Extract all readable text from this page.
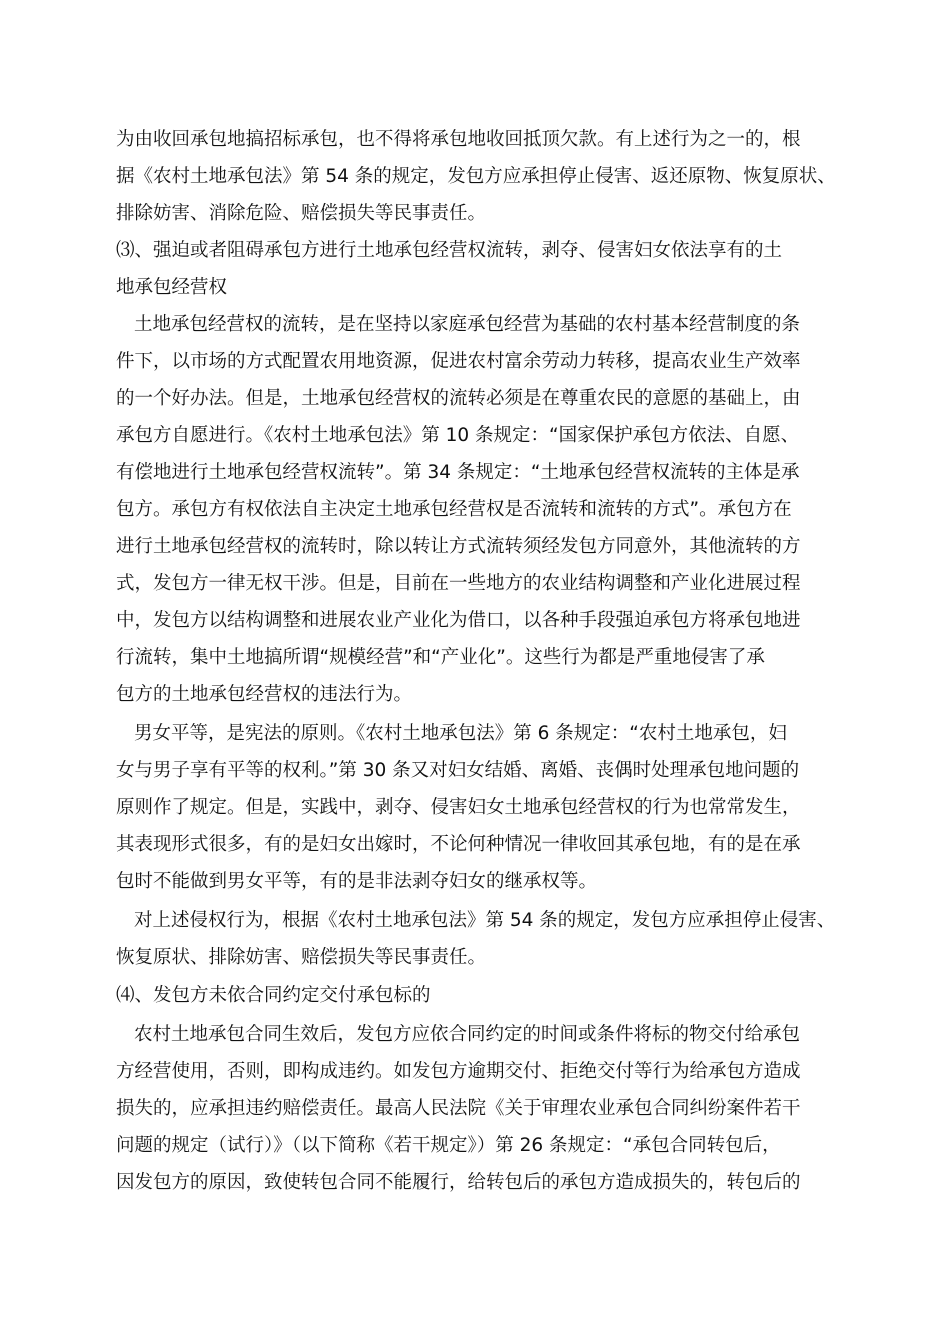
为由收回承包地搞招标承包，也不得将承包地收回抵顶欠款。有上述行为之一的，根
据《农村土地承包法》第 54 条的规定，发包方应承担停止侵害、返还原物、恢复原状、
排除妨害、消除危险、赔偿损失等民事责任。
⑶、强迫或者阻碍承包方进行土地承包经营权流转，剥夺、侵害妇女依法享有的土
地承包经营权
土地承包经营权的流转，是在坚持以家庭承包经营为基础的农村基本经营制度的条
件下，以市场的方式配置农用地资源，促进农村富余劳动力转移，提高农业生产效率
的一个好办法。但是，土地承包经营权的流转必须是在尊重农民的意愿的基础上，由
承包方自愿进行。《农村土地承包法》第 10 条规定：“国家保护承包方依法、自愿、
有偿地进行土地承包经营权流转”。第 34 条规定：“土地承包经营权流转的主体是承
包方。承包方有权依法自主决定土地承包经营权是否流转和流转的方式”。承包方在
进行土地承包经营权的流转时，除以转让方式流转须经发包方同意外，其他流转的方
式，发包方一律无权干涉。但是，目前在一些地方的农业结构调整和产业化进展过程
中，发包方以结构调整和进展农业产业化为借口，以各种手段强迫承包方将承包地进
行流转，集中土地搞所谓“规模经营”和“产业化”。这些行为都是严重地侵害了承
包方的土地承包经营权的违法行为。
男女平等，是宪法的原则。《农村土地承包法》第 6 条规定：“农村土地承包，妇
女与男子享有平等的权利。”第 30 条又对妇女结婚、离婚、丧偶时处理承包地问题的
原则作了规定。但是，实践中，剥夺、侵害妇女土地承包经营权的行为也常常发生，
其表现形式很多，有的是妇女出嫁时，不论何种情况一律收回其承包地，有的是在承
包时不能做到男女平等，有的是非法剥夺妇女的继承权等。
对上述侵权行为，根据《农村土地承包法》第 54 条的规定，发包方应承担停止侵害、
恢复原状、排除妨害、赔偿损失等民事责任。
⑷、发包方未依合同约定交付承包标的
农村土地承包合同生效后，发包方应依合同约定的时间或条件将标的物交付给承包
方经营使用，否则，即构成违约。如发包方逾期交付、拒绝交付等行为给承包方造成
损失的，应承担违约赔偿责任。最高人民法院《关于审理农业承包合同纠纷案件若干
问题的规定（试行）》（以下简称《若干规定》）第 26 条规定：“承包合同转包后，
因发包方的原因，致使转包合同不能履行，给转包后的承包方造成损失的，转包后的
